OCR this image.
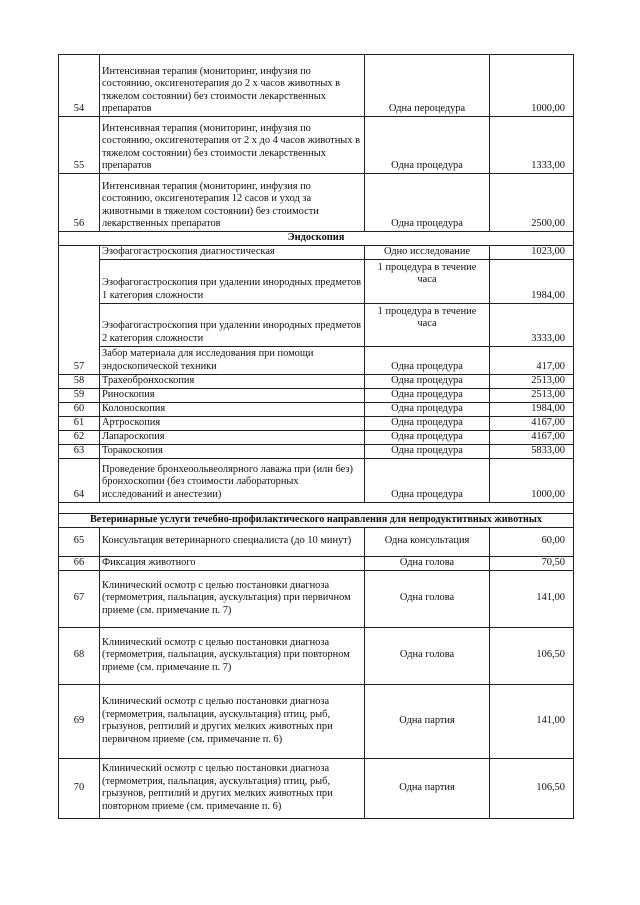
54	Интенсивная терапия (мониторинг, инфузия по состоянию, оксигенотерапия до 2 х часов животных в тяжелом состоянии) без стоимости лекарственных препаратов	Одна пероцедура	1000,00
55	Интенсивная терапия (мониторинг, инфузия по состоянию, оксигенотерапия от 2 х до 4 часов животных в тяжелом состоянии) без стоимости лекарственных препаратов	Одна процедура	1333,00
56	Интенсивная терапия (мониторинг, инфузия по состоянию, оксигенотерапия 12 сасов и уход за животными в тяжелом состоянии) без стоимости лекарственных препаратов	Одна процедура	2500,00
Эндоскопия			
57	Эзофагогастроскопия диагностическая	Одно исследование	1023,00
	Эзофагогастроскопия при удалении инородных предметов 1 категория сложности	1 процедура в течение часа	1984,00
	Эзофагогастроскопия при удалении инородных предметов 2 категория сложности	1 процедура в течение часа	3333,00
	Забор материала для исследования при помощи эндоскопической техники	Одна процедура	417,00
58	Трахеобронхоскопия	Одна процедура	2513,00
59	Риноскопия	Одна процедура	2513,00
60	Колоноскопия	Одна процедура	1984,00
61	Артроскопия	Одна процедура	4167,00
62	Лапароскопия	Одна процедура	4167,00
63	Торакоскопия	Одна процедура	5833,00
64	Проведение бронхеоольвеолярного лаважа при (или без) бронхоскопии (без стоимости лабораторных исследований и анестезии)	Одна процедура	1000,00

Ветеринарные услуги течебно-профилактического направления для непродуктитвных животных			
65	Консультация ветеринарного специалиста (до 10 минут)	Одна консультация	60,00
66	Фиксация животного	Одна голова	70,50
67	Клинический осмотр с целью постановки диагноза (термометрия, пальпация, аускультация) при первичном приеме (см. примечание п. 7)	Одна голова	141,00
68	Клинический осмотр с целью постановки диагноза (термометрия, пальпация, аускультация) при повторном приеме (см. примечание п. 7)	Одна голова	106,50
69	Клинический осмотр с целью постановки диагноза (термометрия, пальпация, аускультация) птиц, рыб, грызунов, рептилий и других мелких животных при первичном приеме (см. примечание п. 6)	Одна партия	141,00
70	Клинический осмотр с целью постановки диагноза (термометрия, пальпация, аускультация) птиц, рыб, грызунов, рептилий и других мелких животных при повторном приеме (см. примечание п. 6)	Одна партия	106,50
